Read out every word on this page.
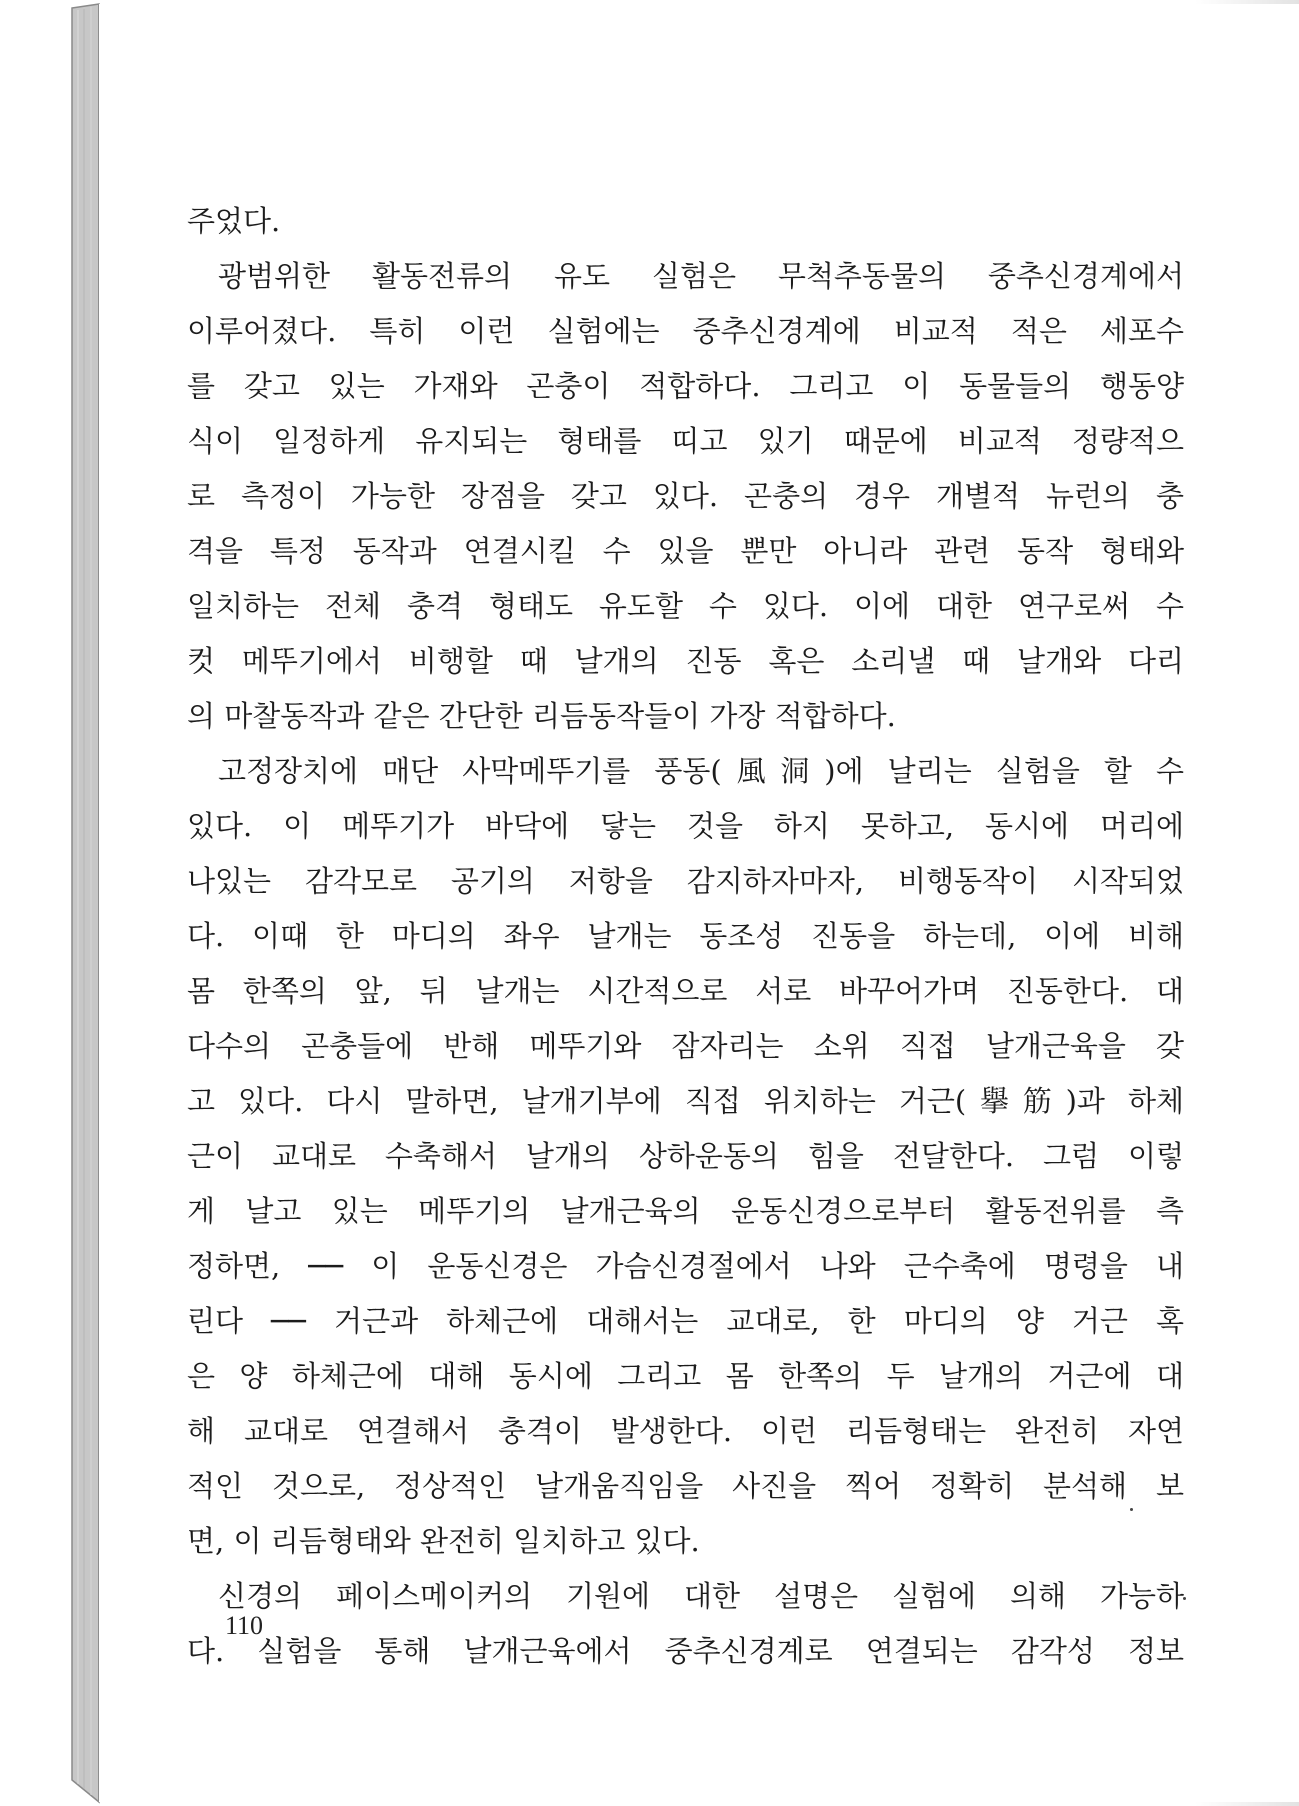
주었다.
광범위한 활동전류의 유도 실험은 무척추동물의 중추신경계에서
이루어졌다. 특히 이런 실험에는 중추신경계에 비교적 적은 세포수
를 갖고 있는 가재와 곤충이 적합하다. 그리고 이 동물들의 행동양
식이 일정하게 유지되는 형태를 띠고 있기 때문에 비교적 정량적으
로 측정이 가능한 장점을 갖고 있다. 곤충의 경우 개별적 뉴런의 충
격을 특정 동작과 연결시킬 수 있을 뿐만 아니라 관련 동작 형태와
일치하는 전체 충격 형태도 유도할 수 있다. 이에 대한 연구로써 수
컷 메뚜기에서 비행할 때 날개의 진동 혹은 소리낼 때 날개와 다리
의 마찰동작과 같은 간단한 리듬동작들이 가장 적합하다.
고정장치에 매단 사막메뚜기를 풍동(風洞)에 날리는 실험을 할 수
있다. 이 메뚜기가 바닥에 닿는 것을 하지 못하고, 동시에 머리에
나있는 감각모로 공기의 저항을 감지하자마자, 비행동작이 시작되었
다. 이때 한 마디의 좌우 날개는 동조성 진동을 하는데, 이에 비해
몸 한쪽의 앞, 뒤 날개는 시간적으로 서로 바꾸어가며 진동한다. 대
다수의 곤충들에 반해 메뚜기와 잠자리는 소위 직접 날개근육을 갖
고 있다. 다시 말하면, 날개기부에 직접 위치하는 거근(擧筋)과 하체
근이 교대로 수축해서 날개의 상하운동의 힘을 전달한다. 그럼 이렇
게 날고 있는 메뚜기의 날개근육의 운동신경으로부터 활동전위를 측
정하면, ── 이 운동신경은 가슴신경절에서 나와 근수축에 명령을 내
린다 ── 거근과 하체근에 대해서는 교대로, 한 마디의 양 거근 혹
은 양 하체근에 대해 동시에 그리고 몸 한쪽의 두 날개의 거근에 대
해 교대로 연결해서 충격이 발생한다. 이런 리듬형태는 완전히 자연
적인 것으로, 정상적인 날개움직임을 사진을 찍어 정확히 분석해 보
면, 이 리듬형태와 완전히 일치하고 있다.
신경의 페이스메이커의 기원에 대한 설명은 실험에 의해 가능하
다. 실험을 통해 날개근육에서 중추신경계로 연결되는 감각성 정보
110
